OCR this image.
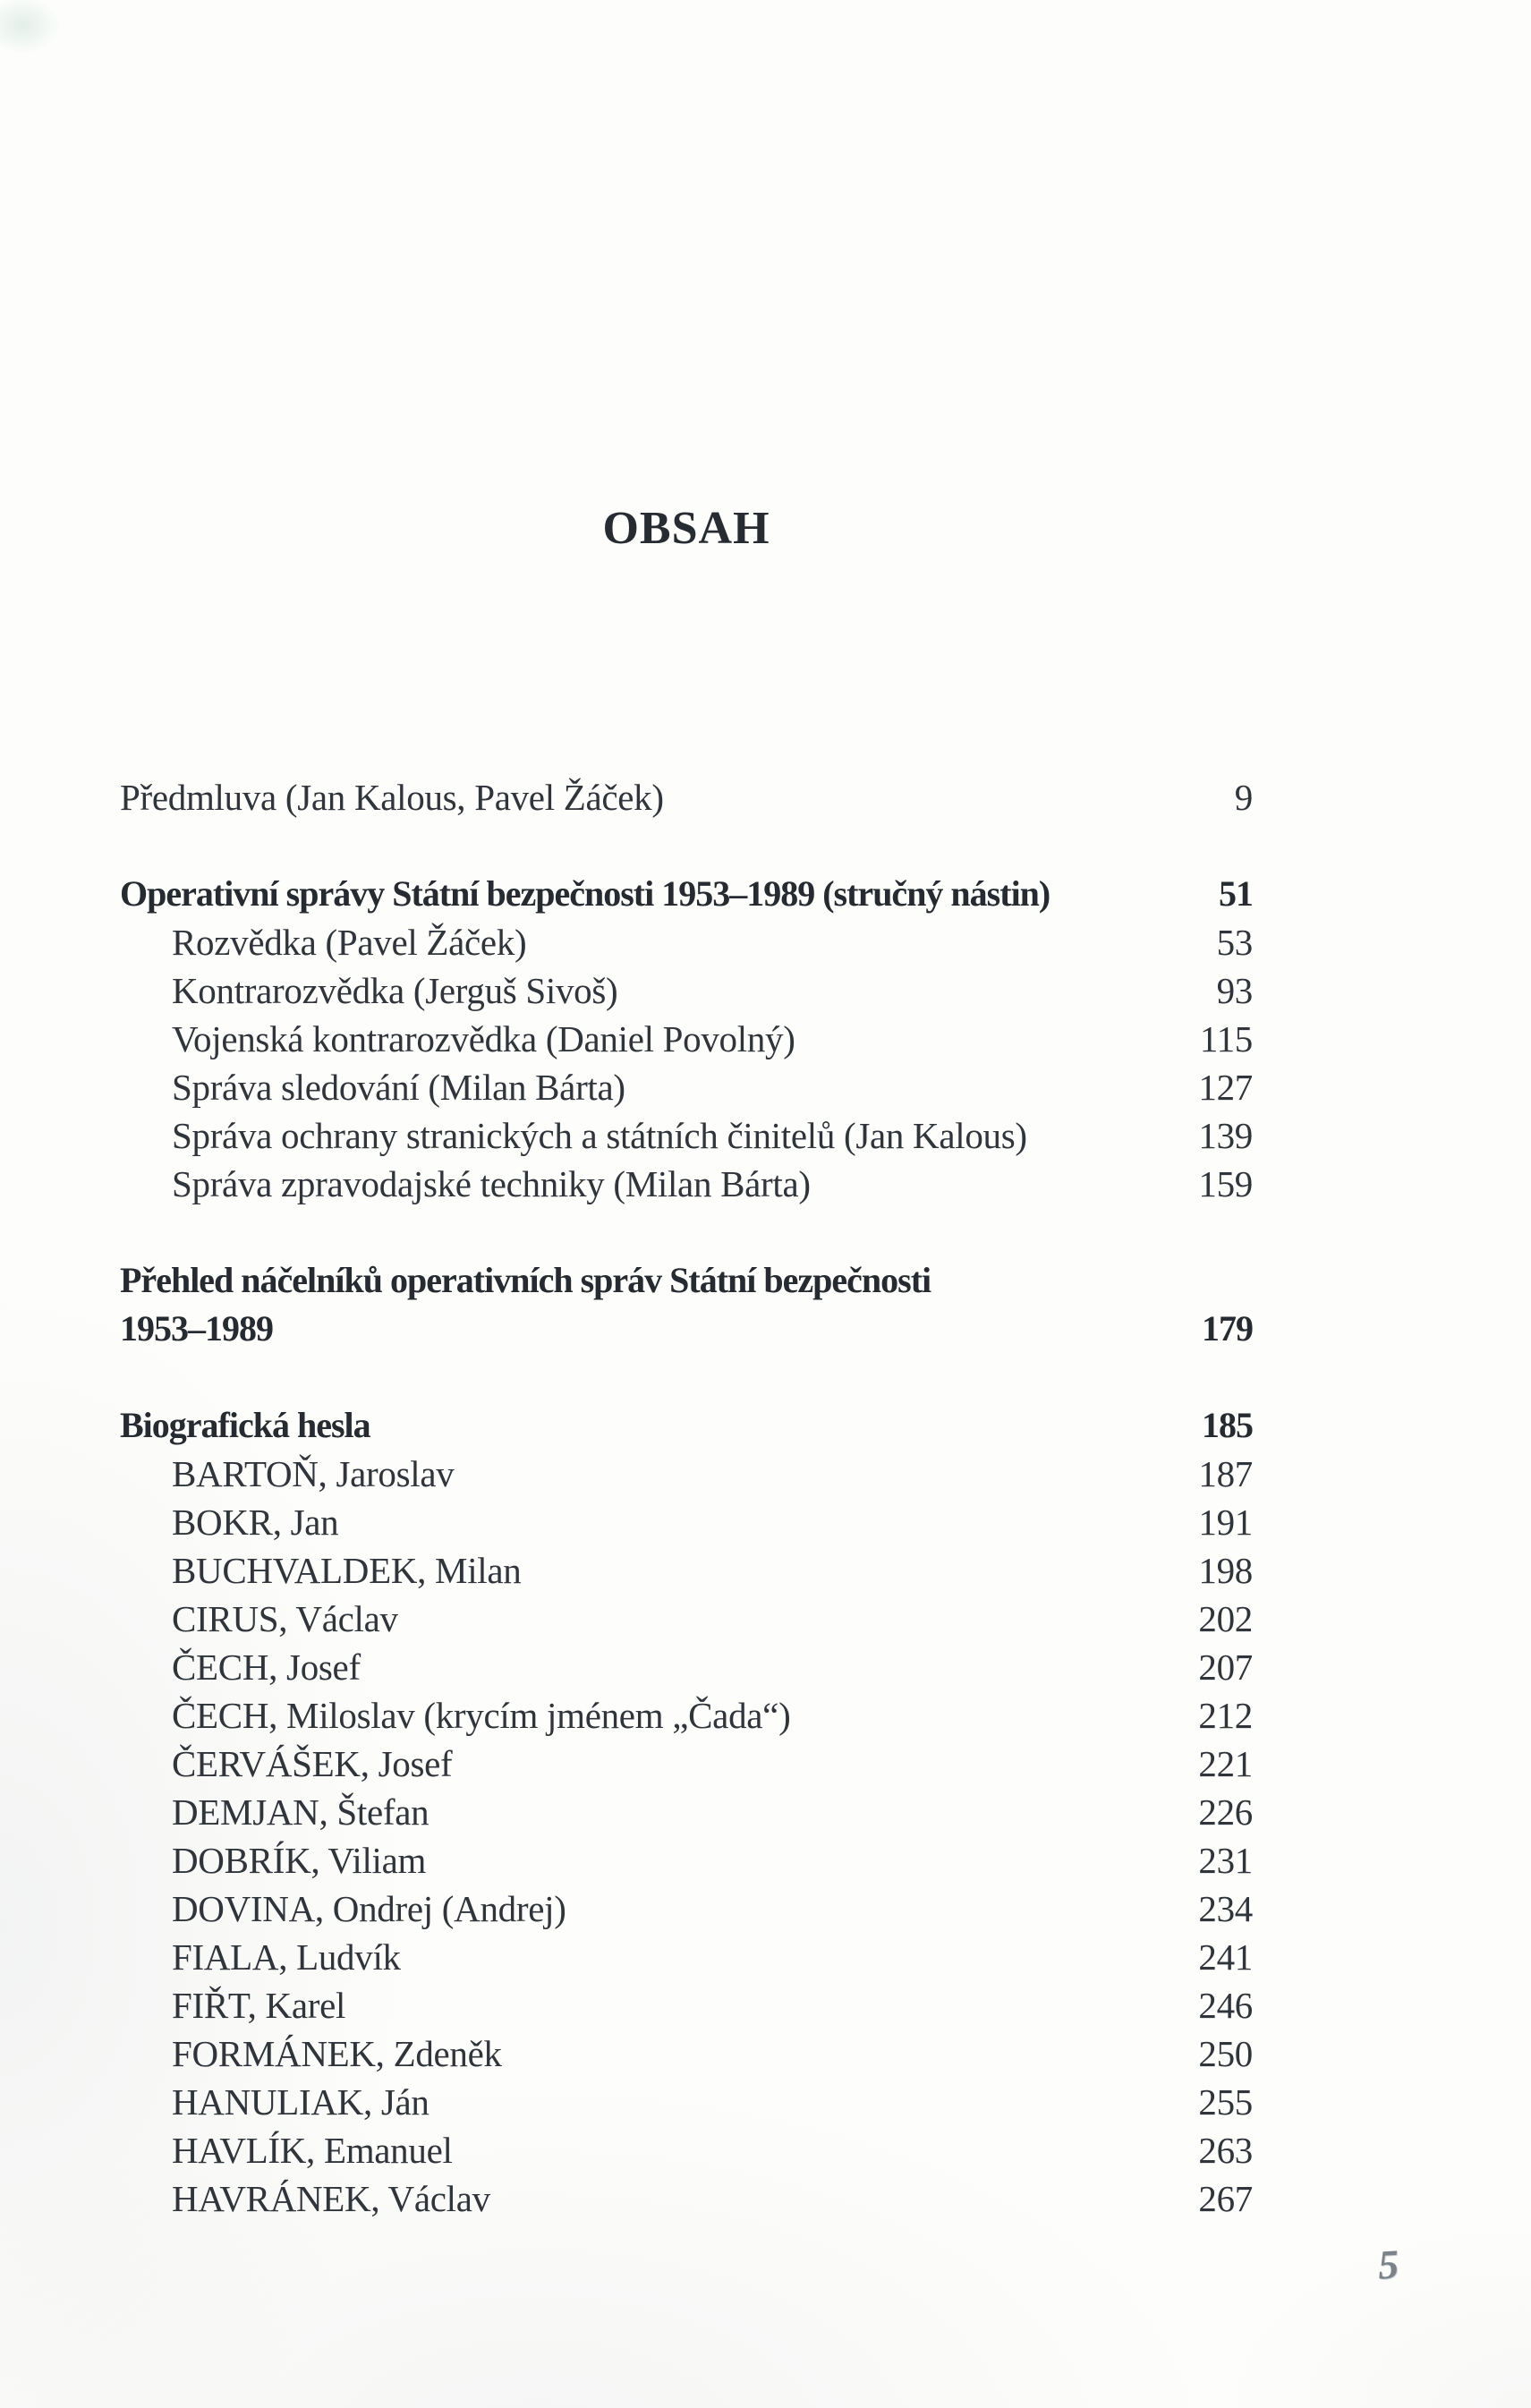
OBSAH
Předmluva (Jan Kalous, Pavel Žáček)	9
Operativní správy Státní bezpečnosti 1953–1989 (stručný nástin)	51
Rozvědka (Pavel Žáček)	53
Kontrarozvědka (Jerguš Sivoš)	93
Vojenská kontrarozvědka (Daniel Povolný)	115
Správa sledování (Milan Bárta)	127
Správa ochrany stranických a státních činitelů (Jan Kalous)	139
Správa zpravodajské techniky (Milan Bárta)	159
Přehled náčelníků operativních správ Státní bezpečnosti
1953–1989	179
Biografická hesla	185
BARTOŇ, Jaroslav	187
BOKR, Jan	191
BUCHVALDEK, Milan	198
CIRUS, Václav	202
ČECH, Josef	207
ČECH, Miloslav (krycím jménem „Čada“)	212
ČERVÁŠEK, Josef	221
DEMJAN, Štefan	226
DOBRÍK, Viliam	231
DOVINA, Ondrej (Andrej)	234
FIALA, Ludvík	241
FIŘT, Karel	246
FORMÁNEK, Zdeněk	250
HANULIAK, Ján	255
HAVLÍK, Emanuel	263
HAVRÁNEK, Václav	267
5
